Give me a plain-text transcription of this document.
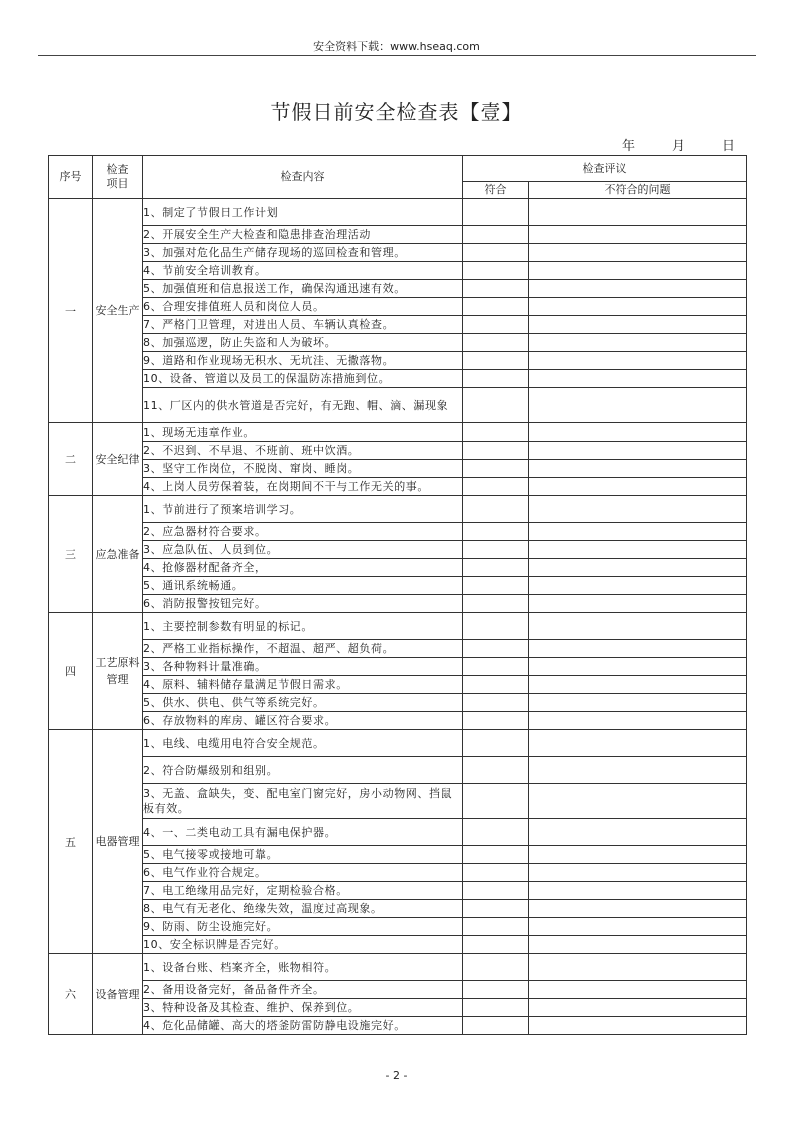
安全资料下载：www.hseaq.com
节假日前安全检查表【壹】
年	月	日
序号	检查项目	检查内容	检查评议	
			符合	不符合的问题
一	安全生产	1、制定了节假日工作计划		
		2、开展安全生产大检查和隐患排查治理活动		
		3、加强对危化品生产储存现场的巡回检查和管理。		
		4、节前安全培训教育。		
		5、加强值班和信息报送工作，确保沟通迅速有效。		
		6、合理安排值班人员和岗位人员。		
		7、严格门卫管理，对进出人员、车辆认真检查。		
		8、加强巡逻，防止失盗和人为破坏。		
		9、道路和作业现场无积水、无坑洼、无撒落物。		
		10、设备、管道以及员工的保温防冻措施到位。		
		11、厂区内的供水管道是否完好，有无跑、帽、滴、漏现象		
二	安全纪律	1、现场无违章作业。		
		2、不迟到、不早退、不班前、班中饮酒。		
		3、坚守工作岗位，不脱岗、窜岗、睡岗。		
		4、上岗人员劳保着装，在岗期间不干与工作无关的事。		
三	应急准备	1、节前进行了预案培训学习。		
		2、应急器材符合要求。		
		3、应急队伍、人员到位。		
		4、抢修器材配备齐全，		
		5、通讯系统畅通。		
		6、消防报警按钮完好。		
四	工艺原料管理	1、主要控制参数有明显的标记。		
		2、严格工业指标操作，不超温、超严、超负荷。		
		3、各种物料计量准确。		
		4、原料、辅料储存量满足节假日需求。		
		5、供水、供电、供气等系统完好。		
		6、存放物料的库房、罐区符合要求。		
五	电器管理	1、电线、电缆用电符合安全规范。		
		2、符合防爆级别和组别。		
		3、无盖、盒缺失，变、配电室门窗完好，房小动物网、挡鼠板有效。		
		4、一、二类电动工具有漏电保护器。		
		5、电气接零或接地可靠。		
		6、电气作业符合规定。		
		7、电工绝缘用品完好，定期检验合格。		
		8、电气有无老化、绝缘失效，温度过高现象。		
		9、防雨、防尘设施完好。		
		10、安全标识牌是否完好。		
六	设备管理	1、设备台账、档案齐全，账物相符。		
		2、备用设备完好，备品备件齐全。		
		3、特种设备及其检查、维护、保养到位。		
		4、危化品储罐、高大的塔釜防雷防静电设施完好。		
- 2 -
